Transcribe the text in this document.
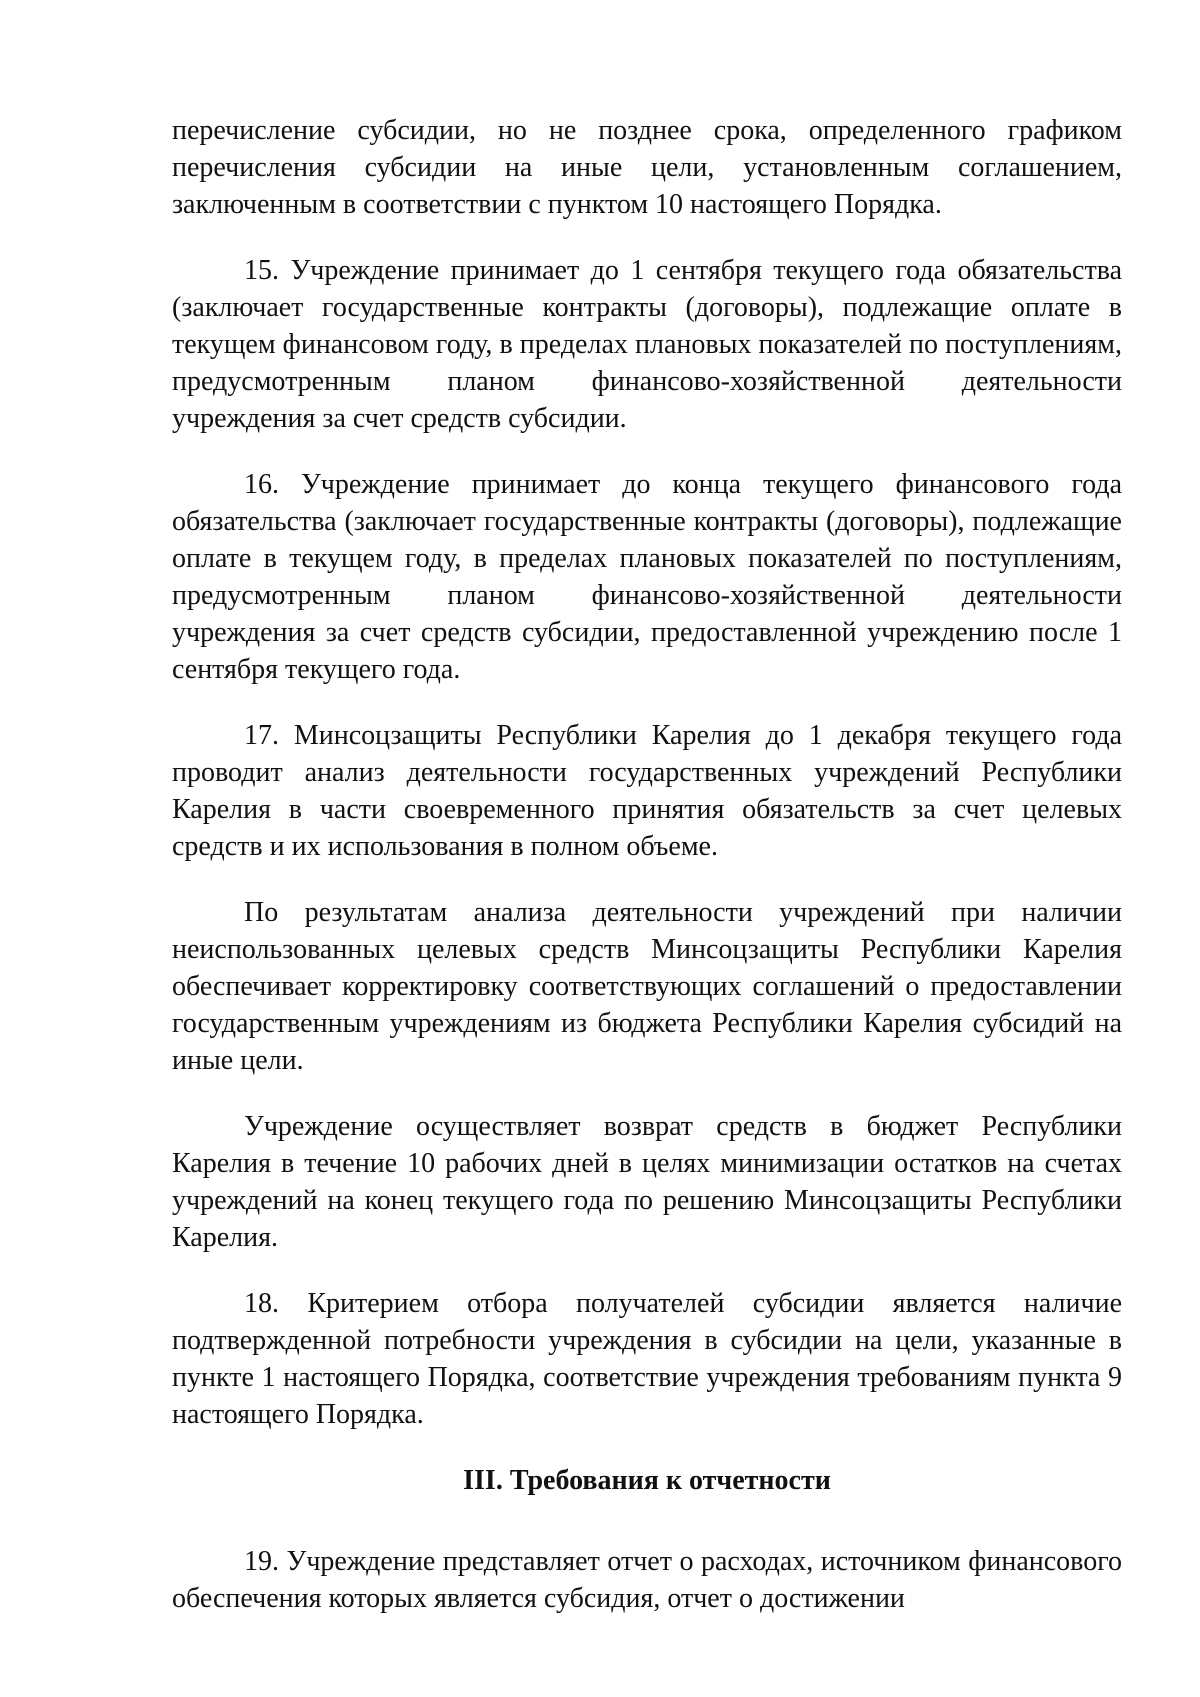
перечисление субсидии, но не позднее срока, определенного графиком перечисления субсидии на иные цели, установленным соглашением, заключенным в соответствии с пунктом 10 настоящего Порядка.

15. Учреждение принимает до 1 сентября текущего года обязательства (заключает государственные контракты (договоры), подлежащие оплате в текущем финансовом году, в пределах плановых показателей по поступлениям, предусмотренным планом финансово-хозяйственной деятельности учреждения за счет средств субсидии.

16. Учреждение принимает до конца текущего финансового года обязательства (заключает государственные контракты (договоры), подлежащие оплате в текущем году, в пределах плановых показателей по поступлениям, предусмотренным планом финансово-хозяйственной деятельности учреждения за счет средств субсидии, предоставленной учреждению после 1 сентября текущего года.

17. Минсоцзащиты Республики Карелия до 1 декабря текущего года проводит анализ деятельности государственных учреждений Республики Карелия в части своевременного принятия обязательств за счет целевых средств и их использования в полном объеме.

По результатам анализа деятельности учреждений при наличии неиспользованных целевых средств Минсоцзащиты Республики Карелия обеспечивает корректировку соответствующих соглашений о предоставлении государственным учреждениям из бюджета Республики Карелия субсидий на иные цели.

Учреждение осуществляет возврат средств в бюджет Республики Карелия в течение 10 рабочих дней в целях минимизации остатков на счетах учреждений на конец текущего года по решению Минсоцзащиты Республики Карелия.

18. Критерием отбора получателей субсидии является наличие подтвержденной потребности учреждения в субсидии на цели, указанные в пункте 1 настоящего Порядка, соответствие учреждения требованиям пункта 9 настоящего Порядка.

III. Требования к отчетности

19. Учреждение представляет отчет о расходах, источником финансового обеспечения которых является субсидия, отчет о достижении
